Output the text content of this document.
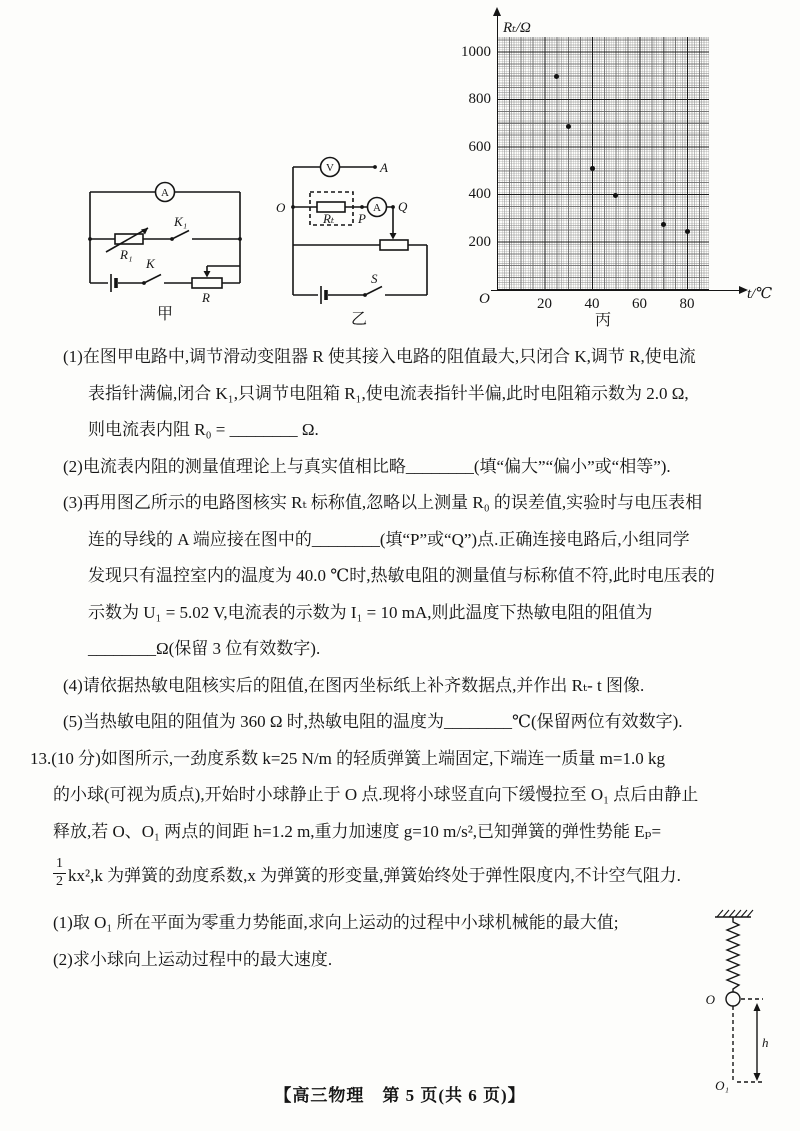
A
K₁
R₁
K
R
甲
V
A
A
O
P
Q
Rₜ
S
乙
Rₜ/Ω
t/℃
O
丙
20	40	60	80
200
400
600
800
1000
(1)在图甲电路中,调节滑动变阻器 R 使其接入电路的阻值最大,只闭合 K,调节 R,使电流
表指针满偏,闭合 K₁,只调节电阻箱 R₁,使电流表指针半偏,此时电阻箱示数为 2.0 Ω,
则电流表内阻 R₀ = ________ Ω.
(2)电流表内阻的测量值理论上与真实值相比略________(填“偏大”“偏小”或“相等”).
(3)再用图乙所示的电路图核实 Rₜ 标称值,忽略以上测量 R₀ 的误差值,实验时与电压表相
连的导线的 A 端应接在图中的________(填“P”或“Q”)点.正确连接电路后,小组同学
发现只有温控室内的温度为 40.0 ℃时,热敏电阻的测量值与标称值不符,此时电压表的
示数为 U₁ = 5.02 V,电流表的示数为 I₁ = 10 mA,则此温度下热敏电阻的阻值为
________Ω(保留 3 位有效数字).
(4)请依据热敏电阻核实后的阻值,在图丙坐标纸上补齐数据点,并作出 Rₜ- t 图像.
(5)当热敏电阻的阻值为 360 Ω 时,热敏电阻的温度为________℃(保留两位有效数字).
13.(10 分)如图所示,一劲度系数 k=25 N/m 的轻质弹簧上端固定,下端连一质量 m=1.0 kg
的小球(可视为质点),开始时小球静止于 O 点.现将小球竖直向下缓慢拉至 O₁ 点后由静止
释放,若 O、O₁ 两点的间距 h=1.2 m,重力加速度 g=10 m/s²,已知弹簧的弹性势能 Eₚ=
$\frac{1}{2} kx^2,k$ 为弹簧的劲度系数,x 为弹簧的形变量,弹簧始终处于弹性限度内,不计空气阻力.
(1)取 O₁ 所在平面为零重力势能面,求向上运动的过程中小球机械能的最大值;
(2)求小球向上运动过程中的最大速度.
O
O₁
h
【高三物理　第 5 页(共 6 页)】
